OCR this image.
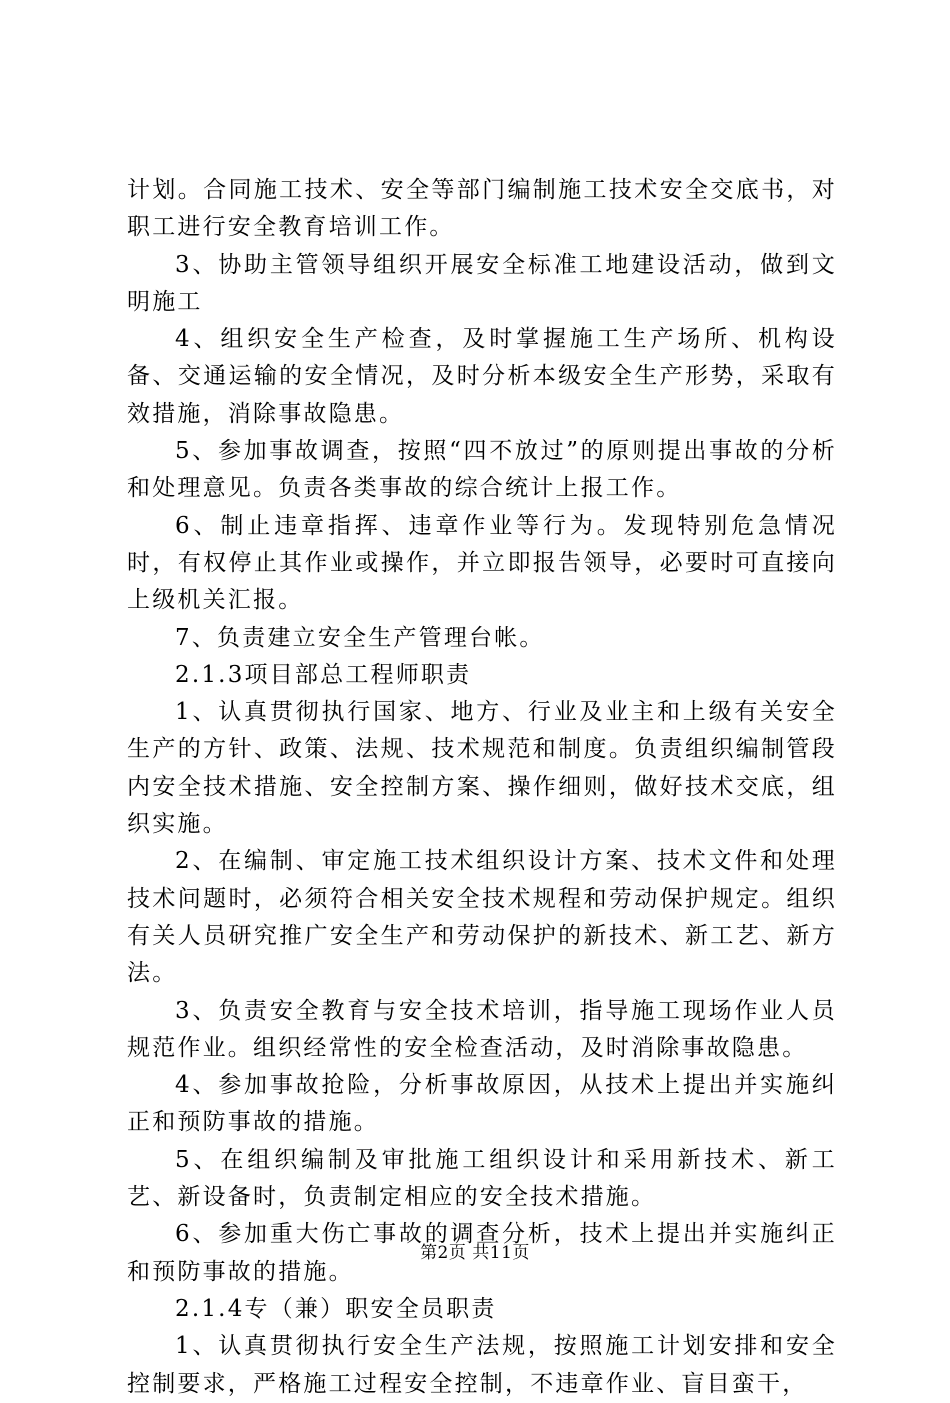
计划。合同施工技术、安全等部门编制施工技术安全交底书，对职工进行安全教育培训工作。

3、协助主管领导组织开展安全标准工地建设活动，做到文明施工

4、组织安全生产检查，及时掌握施工生产场所、机构设备、交通运输的安全情况，及时分析本级安全生产形势，采取有效措施，消除事故隐患。

5、参加事故调查，按照“四不放过”的原则提出事故的分析和处理意见。负责各类事故的综合统计上报工作。

6、制止违章指挥、违章作业等行为。发现特别危急情况时，有权停止其作业或操作，并立即报告领导，必要时可直接向上级机关汇报。

7、负责建立安全生产管理台帐。

2.1.3项目部总工程师职责

1、认真贯彻执行国家、地方、行业及业主和上级有关安全生产的方针、政策、法规、技术规范和制度。负责组织编制管段内安全技术措施、安全控制方案、操作细则，做好技术交底，组织实施。

2、在编制、审定施工技术组织设计方案、技术文件和处理技术问题时，必须符合相关安全技术规程和劳动保护规定。组织有关人员研究推广安全生产和劳动保护的新技术、新工艺、新方法。

3、负责安全教育与安全技术培训，指导施工现场作业人员规范作业。组织经常性的安全检查活动，及时消除事故隐患。

4、参加事故抢险，分析事故原因，从技术上提出并实施纠正和预防事故的措施。

5、在组织编制及审批施工组织设计和采用新技术、新工艺、新设备时，负责制定相应的安全技术措施。

6、参加重大伤亡事故的调查分析，技术上提出并实施纠正和预防事故的措施。

2.1.4专（兼）职安全员职责

1、认真贯彻执行安全生产法规，按照施工计划安排和安全控制要求，严格施工过程安全控制，不违章作业、盲目蛮干，

第2页 共11页
